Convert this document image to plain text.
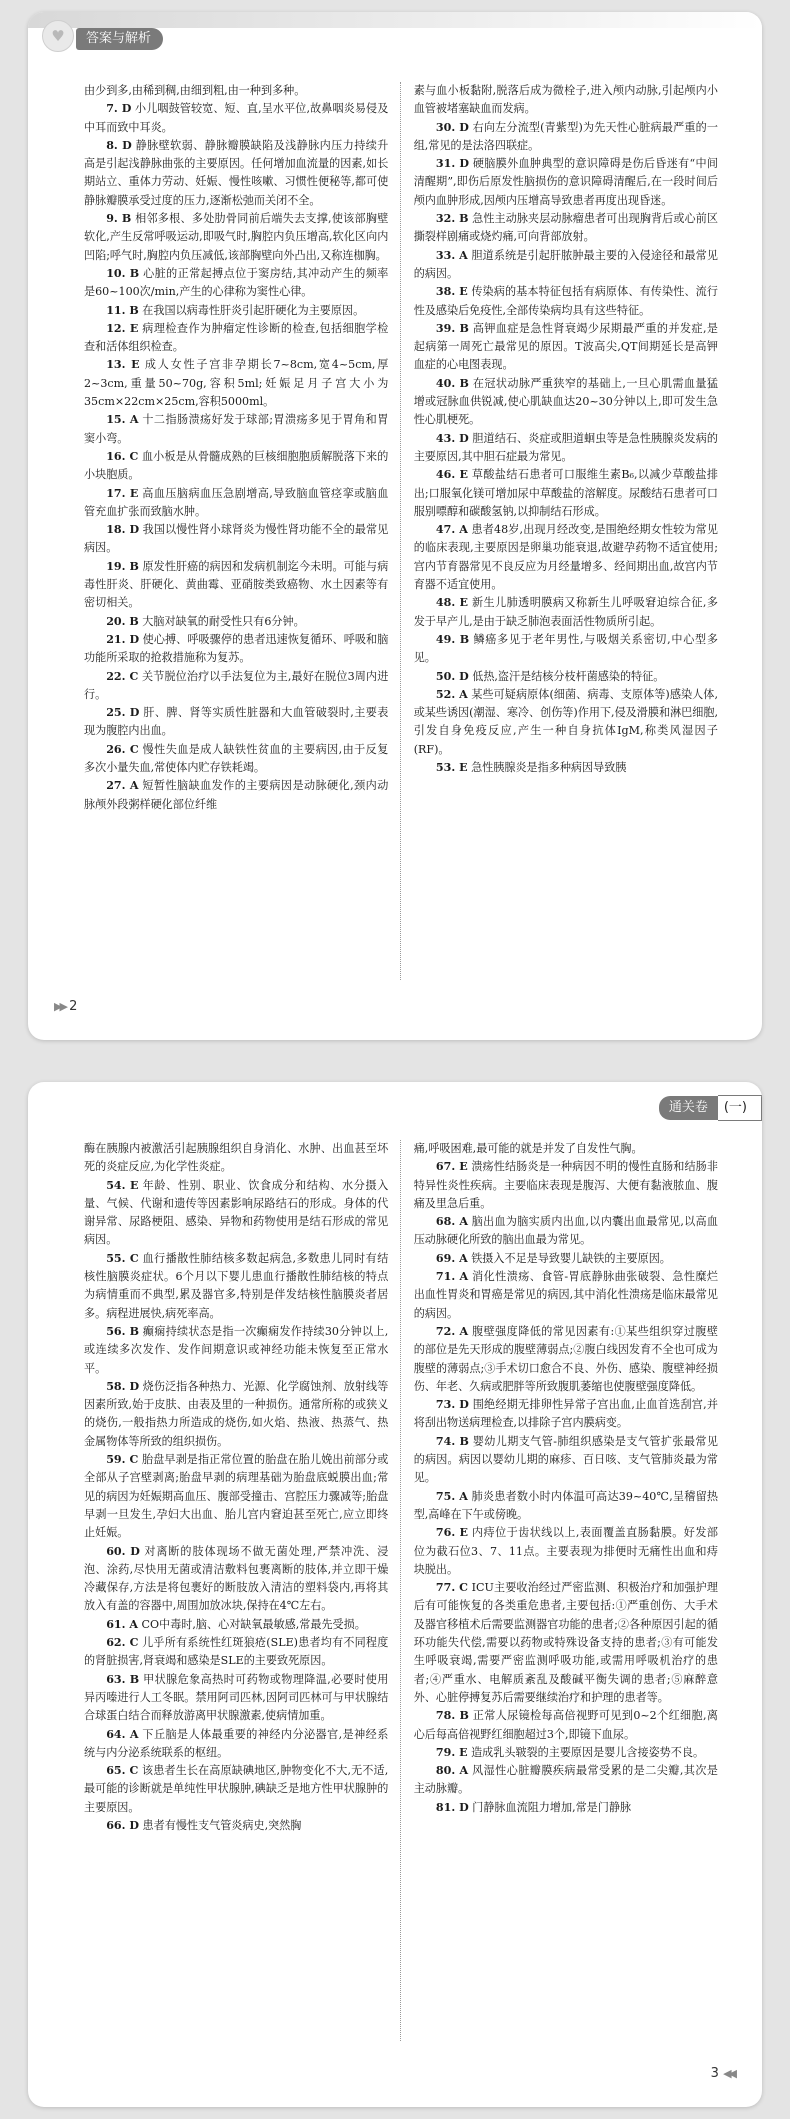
♥	答案与解析

由少到多,由稀到稠,由细到粗,由一种到多种。

7. D 小儿咽鼓管较宽、短、直,呈水平位,故鼻咽炎易侵及中耳而致中耳炎。

8. D 静脉壁软弱、静脉瓣膜缺陷及浅静脉内压力持续升高是引起浅静脉曲张的主要原因。任何增加血流量的因素,如长期站立、重体力劳动、妊娠、慢性咳嗽、习惯性便秘等,都可使静脉瓣膜承受过度的压力,逐渐松弛而关闭不全。

9. B 相邻多根、多处肋骨同前后端失去支撑,使该部胸壁软化,产生反常呼吸运动,即吸气时,胸腔内负压增高,软化区向内凹陷;呼气时,胸腔内负压减低,该部胸壁向外凸出,又称连枷胸。

10. B 心脏的正常起搏点位于窦房结,其冲动产生的频率是60~100次/min,产生的心律称为窦性心律。

11. B 在我国以病毒性肝炎引起肝硬化为主要原因。

12. E 病理检查作为肿瘤定性诊断的检查,包括细胞学检查和活体组织检查。

13. E 成人女性子宫非孕期长7~8cm,宽4~5cm,厚2~3cm,重量50~70g,容积5ml;妊娠足月子宫大小为35cm×22cm×25cm,容积5000ml。

15. A 十二指肠溃疡好发于球部;胃溃疡多见于胃角和胃窦小弯。

16. C 血小板是从骨髓成熟的巨核细胞胞质解脱落下来的小块胞质。

17. E 高血压脑病血压急剧增高,导致脑血管痉挛或脑血管充血扩张而致脑水肿。

18. D 我国以慢性肾小球肾炎为慢性肾功能不全的最常见病因。

19. B 原发性肝癌的病因和发病机制迄今未明。可能与病毒性肝炎、肝硬化、黄曲霉、亚硝胺类致癌物、水土因素等有密切相关。

20. B 大脑对缺氧的耐受性只有6分钟。

21. D 使心搏、呼吸骤停的患者迅速恢复循环、呼吸和脑功能所采取的抢救措施称为复苏。

22. C 关节脱位治疗以手法复位为主,最好在脱位3周内进行。

25. D 肝、脾、肾等实质性脏器和大血管破裂时,主要表现为腹腔内出血。

26. C 慢性失血是成人缺铁性贫血的主要病因,由于反复多次小量失血,常使体内贮存铁耗竭。

27. A 短暂性脑缺血发作的主要病因是动脉硬化,颈内动脉颅外段粥样硬化部位纤维

素与血小板黏附,脱落后成为微栓子,进入颅内动脉,引起颅内小血管被堵塞缺血而发病。

30. D 右向左分流型(青紫型)为先天性心脏病最严重的一组,常见的是法洛四联症。

31. D 硬脑膜外血肿典型的意识障碍是伤后昏迷有“中间清醒期”,即伤后原发性脑损伤的意识障碍清醒后,在一段时间后颅内血肿形成,因颅内压增高导致患者再度出现昏迷。

32. B 急性主动脉夹层动脉瘤患者可出现胸背后或心前区撕裂样剧痛或烧灼痛,可向背部放射。

33. A 胆道系统是引起肝脓肿最主要的入侵途径和最常见的病因。

38. E 传染病的基本特征包括有病原体、有传染性、流行性及感染后免疫性,全部传染病均具有这些特征。

39. B 高钾血症是急性肾衰竭少尿期最严重的并发症,是起病第一周死亡最常见的原因。T波高尖,QT间期延长是高钾血症的心电图表现。

40. B 在冠状动脉严重狭窄的基础上,一旦心肌需血量猛增或冠脉血供锐减,使心肌缺血达20~30分钟以上,即可发生急性心肌梗死。

43. D 胆道结石、炎症或胆道蛔虫等是急性胰腺炎发病的主要原因,其中胆石症最为常见。

46. E 草酸盐结石患者可口服维生素B₆,以减少草酸盐排出;口服氧化镁可增加尿中草酸盐的溶解度。尿酸结石患者可口服别嘌醇和碳酸氢钠,以抑制结石形成。

47. A 患者48岁,出现月经改变,是围绝经期女性较为常见的临床表现,主要原因是卵巢功能衰退,故避孕药物不适宜使用;宫内节育器常见不良反应为月经量增多、经间期出血,故宫内节育器不适宜使用。

48. E 新生儿肺透明膜病又称新生儿呼吸窘迫综合征,多发于早产儿,是由于缺乏肺泡表面活性物质所引起。

49. B 鳞癌多见于老年男性,与吸烟关系密切,中心型多见。

50. D 低热,盗汗是结核分枝杆菌感染的特征。

52. A 某些可疑病原体(细菌、病毒、支原体等)感染人体,或某些诱因(潮湿、寒冷、创伤等)作用下,侵及滑膜和淋巴细胞,引发自身免疫反应,产生一种自身抗体IgM,称类风湿因子(RF)。

53. E 急性胰腺炎是指多种病因导致胰

▶▶ 2
通关卷	(一)

酶在胰腺内被激活引起胰腺组织自身消化、水肿、出血甚至坏死的炎症反应,为化学性炎症。

54. E 年龄、性别、职业、饮食成分和结构、水分摄入量、气候、代谢和遗传等因素影响尿路结石的形成。身体的代谢异常、尿路梗阻、感染、异物和药物使用是结石形成的常见病因。

55. C 血行播散性肺结核多数起病急,多数患儿同时有结核性脑膜炎症状。6个月以下婴儿患血行播散性肺结核的特点为病情重而不典型,累及器官多,特别是伴发结核性脑膜炎者居多。病程进展快,病死率高。

56. B 癫痫持续状态是指一次癫痫发作持续30分钟以上,或连续多次发作、发作间期意识或神经功能未恢复至正常水平。

58. D 烧伤泛指各种热力、光源、化学腐蚀剂、放射线等因素所致,始于皮肤、由表及里的一种损伤。通常所称的或狭义的烧伤,一般指热力所造成的烧伤,如火焰、热液、热蒸气、热金属物体等所致的组织损伤。

59. C 胎盘早剥是指正常位置的胎盘在胎儿娩出前部分或全部从子宫壁剥离;胎盘早剥的病理基础为胎盘底蜕膜出血;常见的病因为妊娠期高血压、腹部受撞击、宫腔压力骤减等;胎盘早剥一旦发生,孕妇大出血、胎儿宫内窘迫甚至死亡,应立即终止妊娠。

60. D 对离断的肢体现场不做无菌处理,严禁冲洗、浸泡、涂药,尽快用无菌或清洁敷料包裹离断的肢体,并立即干燥冷藏保存,方法是将包裹好的断肢放入清洁的塑料袋内,再将其放入有盖的容器中,周围加放冰块,保持在4℃左右。

61. A CO中毒时,脑、心对缺氧最敏感,常最先受损。

62. C 儿乎所有系统性红斑狼疮(SLE)患者均有不同程度的肾脏损害,肾衰竭和感染是SLE的主要致死原因。

63. B 甲状腺危象高热时可药物或物理降温,必要时使用异丙嗪进行人工冬眠。禁用阿司匹林,因阿司匹林可与甲状腺结合球蛋白结合而释放游离甲状腺激素,使病情加重。

64. A 下丘脑是人体最重要的神经内分泌器官,是神经系统与内分泌系统联系的枢纽。

65. C 该患者生长在高原缺碘地区,肿物变化不大,无不适,最可能的诊断就是单纯性甲状腺肿,碘缺乏是地方性甲状腺肿的主要原因。

66. D 患者有慢性支气管炎病史,突然胸

痛,呼吸困难,最可能的就是并发了自发性气胸。

67. E 溃疡性结肠炎是一种病因不明的慢性直肠和结肠非特异性炎性疾病。主要临床表现是腹泻、大便有黏液脓血、腹痛及里急后重。

68. A 脑出血为脑实质内出血,以内囊出血最常见,以高血压动脉硬化所致的脑出血最为常见。

69. A 铁摄入不足是导致婴儿缺铁的主要原因。

71. A 消化性溃疡、食管-胃底静脉曲张破裂、急性糜烂出血性胃炎和胃癌是常见的病因,其中消化性溃疡是临床最常见的病因。

72. A 腹壁强度降低的常见因素有:①某些组织穿过腹壁的部位是先天形成的腹壁薄弱点;②腹白线因发育不全也可成为腹壁的薄弱点;③手术切口愈合不良、外伤、感染、腹壁神经损伤、年老、久病或肥胖等所致腹肌萎缩也使腹壁强度降低。

73. D 围绝经期无排卵性异常子宫出血,止血首选刮宫,并将刮出物送病理检查,以排除子宫内膜病变。

74. B 婴幼儿期支气管-肺组织感染是支气管扩张最常见的病因。病因以婴幼儿期的麻疹、百日咳、支气管肺炎最为常见。

75. A 肺炎患者数小时内体温可高达39~40℃,呈稽留热型,高峰在下午或傍晚。

76. E 内痔位于齿状线以上,表面覆盖直肠黏膜。好发部位为截石位3、7、11点。主要表现为排便时无痛性出血和痔块脱出。

77. C ICU主要收治经过严密监测、积极治疗和加强护理后有可能恢复的各类重危患者,主要包括:①严重创伤、大手术及器官移植术后需要监测器官功能的患者;②各种原因引起的循环功能失代偿,需要以药物或特殊设备支持的患者;③有可能发生呼吸衰竭,需要严密监测呼吸功能,或需用呼吸机治疗的患者;④严重水、电解质紊乱及酸碱平衡失调的患者;⑤麻醉意外、心脏停搏复苏后需要继续治疗和护理的患者等。

78. B 正常人尿镜检每高倍视野可见到0~2个红细胞,离心后每高倍视野红细胞超过3个,即镜下血尿。

79. E 造成乳头皲裂的主要原因是婴儿含接姿势不良。

80. A 风湿性心脏瓣膜疾病最常受累的是二尖瓣,其次是主动脉瓣。

81. D 门静脉血流阻力增加,常是门静脉

3 ◀◀
